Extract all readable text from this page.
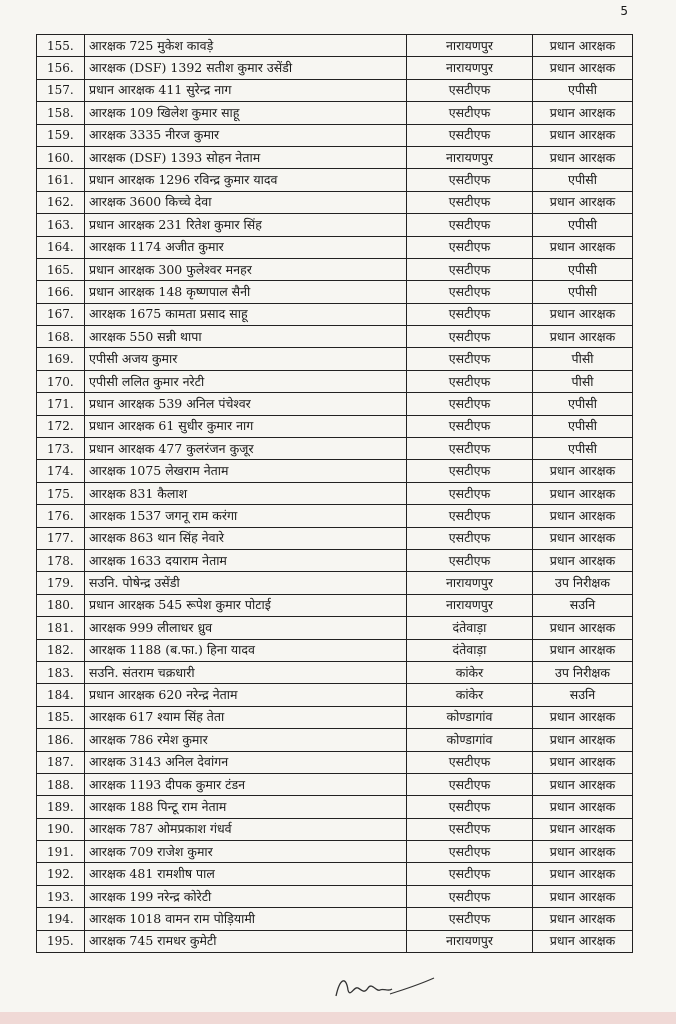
5
155.	आरक्षक 725 मुकेश कावड़े	नारायणपुर	प्रधान आरक्षक
156.	आरक्षक (DSF) 1392 सतीश कुमार उसेंडी	नारायणपुर	प्रधान आरक्षक
157.	प्रधान आरक्षक 411 सुरेन्द्र नाग	एसटीएफ	एपीसी
158.	आरक्षक 109 खिलेश कुमार साहू	एसटीएफ	प्रधान आरक्षक
159.	आरक्षक 3335 नीरज कुमार	एसटीएफ	प्रधान आरक्षक
160.	आरक्षक (DSF) 1393 सोहन नेताम	नारायणपुर	प्रधान आरक्षक
161.	प्रधान आरक्षक 1296 रविन्द्र कुमार यादव	एसटीएफ	एपीसी
162.	आरक्षक 3600 किच्चे देवा	एसटीएफ	प्रधान आरक्षक
163.	प्रधान आरक्षक 231 रितेश कुमार सिंह	एसटीएफ	एपीसी
164.	आरक्षक 1174 अजीत कुमार	एसटीएफ	प्रधान आरक्षक
165.	प्रधान आरक्षक 300 फुलेश्वर मनहर	एसटीएफ	एपीसी
166.	प्रधान आरक्षक 148 कृष्णपाल सैनी	एसटीएफ	एपीसी
167.	आरक्षक 1675 कामता प्रसाद साहू	एसटीएफ	प्रधान आरक्षक
168.	आरक्षक 550 सन्नी थापा	एसटीएफ	प्रधान आरक्षक
169.	एपीसी अजय कुमार	एसटीएफ	पीसी
170.	एपीसी ललित कुमार नरेटी	एसटीएफ	पीसी
171.	प्रधान आरक्षक 539 अनिल पंचेश्वर	एसटीएफ	एपीसी
172.	प्रधान आरक्षक 61 सुधीर कुमार नाग	एसटीएफ	एपीसी
173.	प्रधान आरक्षक 477 कुलरंजन कुजूर	एसटीएफ	एपीसी
174.	आरक्षक 1075 लेखराम नेताम	एसटीएफ	प्रधान आरक्षक
175.	आरक्षक 831 कैलाश	एसटीएफ	प्रधान आरक्षक
176.	आरक्षक 1537 जगनू राम करंगा	एसटीएफ	प्रधान आरक्षक
177.	आरक्षक 863 थान सिंह नेवारे	एसटीएफ	प्रधान आरक्षक
178.	आरक्षक 1633 दयाराम नेताम	एसटीएफ	प्रधान आरक्षक
179.	सउनि. पोषेन्द्र उसेंडी	नारायणपुर	उप निरीक्षक
180.	प्रधान आरक्षक 545 रूपेश कुमार पोटाई	नारायणपुर	सउनि
181.	आरक्षक 999 लीलाधर ध्रुव	दंतेवाड़ा	प्रधान आरक्षक
182.	आरक्षक 1188 (ब.फा.) हिना यादव	दंतेवाड़ा	प्रधान आरक्षक
183.	सउनि. संतराम चक्रधारी	कांकेर	उप निरीक्षक
184.	प्रधान आरक्षक 620 नरेन्द्र नेताम	कांकेर	सउनि
185.	आरक्षक 617 श्याम सिंह तेता	कोण्डागांव	प्रधान आरक्षक
186.	आरक्षक 786 रमेश कुमार	कोण्डागांव	प्रधान आरक्षक
187.	आरक्षक 3143 अनिल देवांगन	एसटीएफ	प्रधान आरक्षक
188.	आरक्षक 1193 दीपक कुमार टंडन	एसटीएफ	प्रधान आरक्षक
189.	आरक्षक 188 पिन्टू राम नेताम	एसटीएफ	प्रधान आरक्षक
190.	आरक्षक 787 ओमप्रकाश गंधर्व	एसटीएफ	प्रधान आरक्षक
191.	आरक्षक 709 राजेश कुमार	एसटीएफ	प्रधान आरक्षक
192.	आरक्षक 481 रामशीष पाल	एसटीएफ	प्रधान आरक्षक
193.	आरक्षक 199 नरेन्द्र कोरेटी	एसटीएफ	प्रधान आरक्षक
194.	आरक्षक 1018 वामन राम पोड़ियामी	एसटीएफ	प्रधान आरक्षक
195.	आरक्षक 745 रामधर कुमेटी	नारायणपुर	प्रधान आरक्षक
